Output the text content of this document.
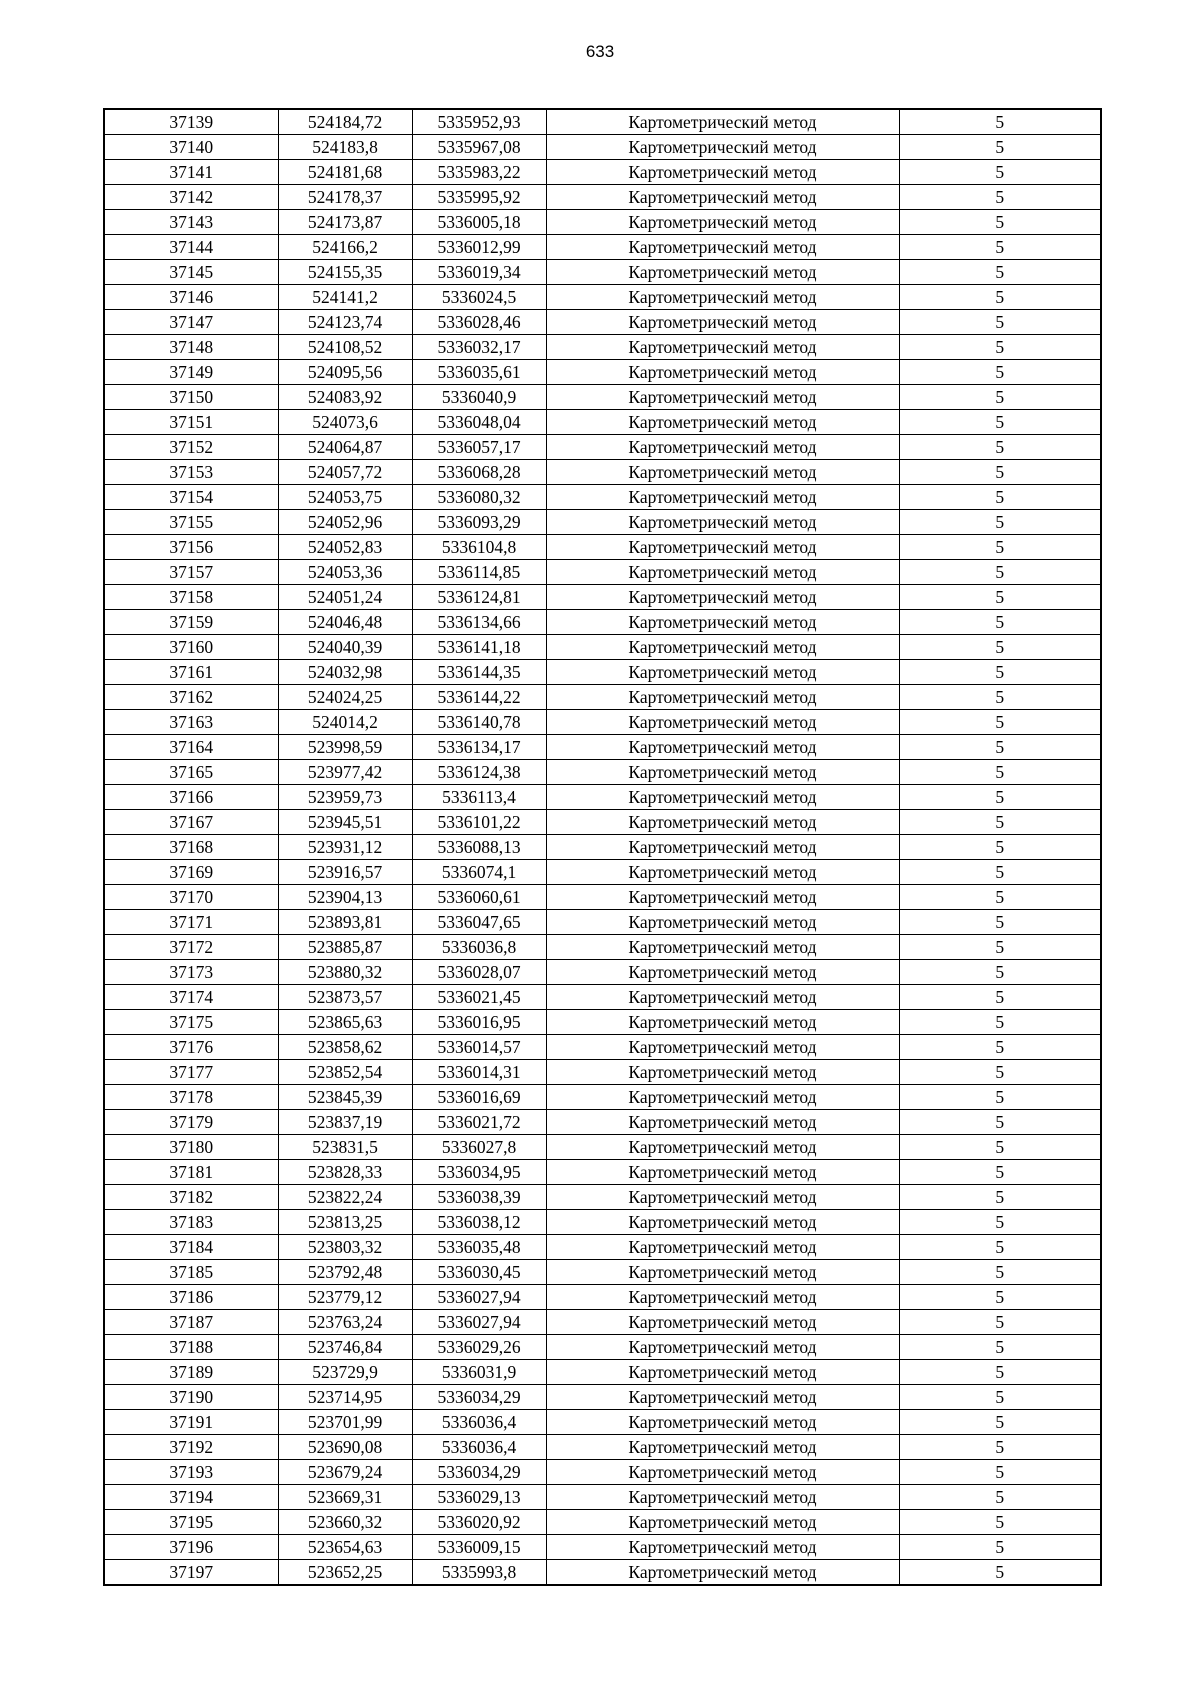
633
37139	524184,72	5335952,93	Картометрический метод	5
37140	524183,8	5335967,08	Картометрический метод	5
37141	524181,68	5335983,22	Картометрический метод	5
37142	524178,37	5335995,92	Картометрический метод	5
37143	524173,87	5336005,18	Картометрический метод	5
37144	524166,2	5336012,99	Картометрический метод	5
37145	524155,35	5336019,34	Картометрический метод	5
37146	524141,2	5336024,5	Картометрический метод	5
37147	524123,74	5336028,46	Картометрический метод	5
37148	524108,52	5336032,17	Картометрический метод	5
37149	524095,56	5336035,61	Картометрический метод	5
37150	524083,92	5336040,9	Картометрический метод	5
37151	524073,6	5336048,04	Картометрический метод	5
37152	524064,87	5336057,17	Картометрический метод	5
37153	524057,72	5336068,28	Картометрический метод	5
37154	524053,75	5336080,32	Картометрический метод	5
37155	524052,96	5336093,29	Картометрический метод	5
37156	524052,83	5336104,8	Картометрический метод	5
37157	524053,36	5336114,85	Картометрический метод	5
37158	524051,24	5336124,81	Картометрический метод	5
37159	524046,48	5336134,66	Картометрический метод	5
37160	524040,39	5336141,18	Картометрический метод	5
37161	524032,98	5336144,35	Картометрический метод	5
37162	524024,25	5336144,22	Картометрический метод	5
37163	524014,2	5336140,78	Картометрический метод	5
37164	523998,59	5336134,17	Картометрический метод	5
37165	523977,42	5336124,38	Картометрический метод	5
37166	523959,73	5336113,4	Картометрический метод	5
37167	523945,51	5336101,22	Картометрический метод	5
37168	523931,12	5336088,13	Картометрический метод	5
37169	523916,57	5336074,1	Картометрический метод	5
37170	523904,13	5336060,61	Картометрический метод	5
37171	523893,81	5336047,65	Картометрический метод	5
37172	523885,87	5336036,8	Картометрический метод	5
37173	523880,32	5336028,07	Картометрический метод	5
37174	523873,57	5336021,45	Картометрический метод	5
37175	523865,63	5336016,95	Картометрический метод	5
37176	523858,62	5336014,57	Картометрический метод	5
37177	523852,54	5336014,31	Картометрический метод	5
37178	523845,39	5336016,69	Картометрический метод	5
37179	523837,19	5336021,72	Картометрический метод	5
37180	523831,5	5336027,8	Картометрический метод	5
37181	523828,33	5336034,95	Картометрический метод	5
37182	523822,24	5336038,39	Картометрический метод	5
37183	523813,25	5336038,12	Картометрический метод	5
37184	523803,32	5336035,48	Картометрический метод	5
37185	523792,48	5336030,45	Картометрический метод	5
37186	523779,12	5336027,94	Картометрический метод	5
37187	523763,24	5336027,94	Картометрический метод	5
37188	523746,84	5336029,26	Картометрический метод	5
37189	523729,9	5336031,9	Картометрический метод	5
37190	523714,95	5336034,29	Картометрический метод	5
37191	523701,99	5336036,4	Картометрический метод	5
37192	523690,08	5336036,4	Картометрический метод	5
37193	523679,24	5336034,29	Картометрический метод	5
37194	523669,31	5336029,13	Картометрический метод	5
37195	523660,32	5336020,92	Картометрический метод	5
37196	523654,63	5336009,15	Картометрический метод	5
37197	523652,25	5335993,8	Картометрический метод	5
